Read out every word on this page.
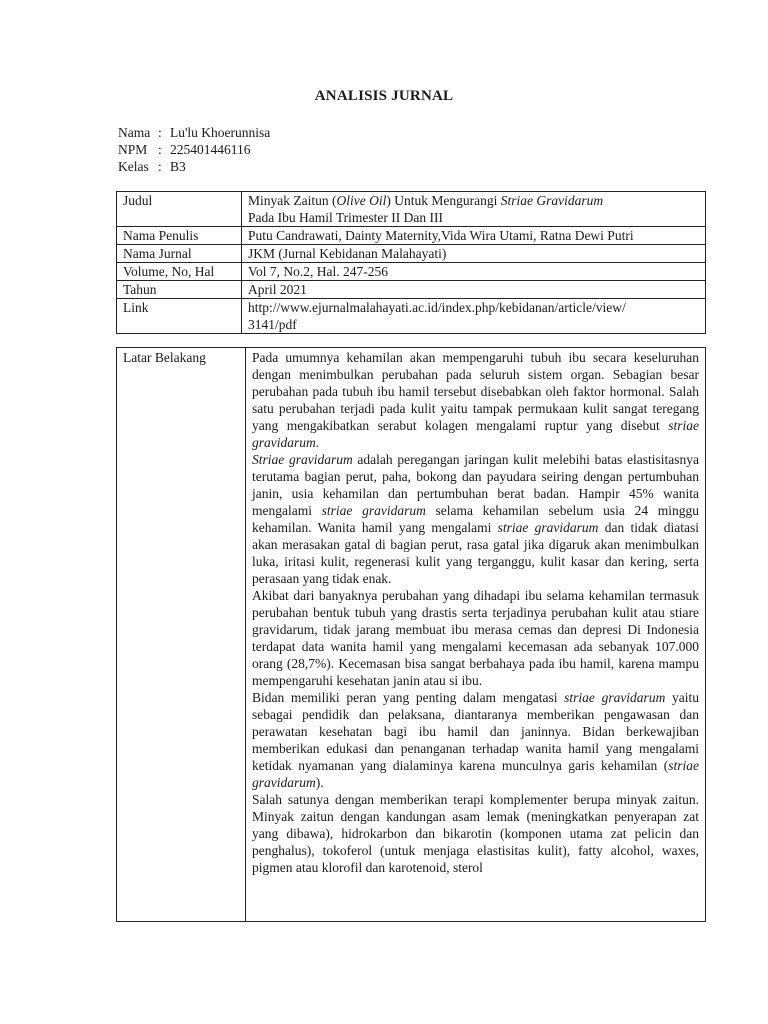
ANALISIS JURNAL
Nama : Lu'lu Khoerunnisa
NPM : 225401446116
Kelas : B3
Judul	Minyak Zaitun (Olive Oil) Untuk Mengurangi Striae Gravidarum
Pada Ibu Hamil Trimester II Dan III
Nama Penulis	Putu Candrawati, Dainty Maternity,Vida Wira Utami, Ratna Dewi Putri
Nama Jurnal	JKM (Jurnal Kebidanan Malahayati)
Volume, No, Hal	Vol 7, No.2, Hal. 247-256
Tahun	April 2021
Link	http://www.ejurnalmalahayati.ac.id/index.php/kebidanan/article/view/
3141/pdf
Latar Belakang	Pada umumnya kehamilan akan mempengaruhi tubuh ibu secara keseluruhan dengan menimbulkan perubahan pada seluruh sistem organ. Sebagian besar perubahan pada tubuh ibu hamil tersebut disebabkan oleh faktor hormonal. Salah satu perubahan terjadi pada kulit yaitu tampak permukaan kulit sangat teregang yang mengakibatkan serabut kolagen mengalami ruptur yang disebut striae gravidarum.

Striae gravidarum adalah peregangan jaringan kulit melebihi batas elastisitasnya terutama bagian perut, paha, bokong dan payudara seiring dengan pertumbuhan janin, usia kehamilan dan pertumbuhan berat badan. Hampir 45% wanita mengalami striae gravidarum selama kehamilan sebelum usia 24 minggu kehamilan. Wanita hamil yang mengalami striae gravidarum dan tidak diatasi akan merasakan gatal di bagian perut, rasa gatal jika digaruk akan menimbulkan luka, iritasi kulit, regenerasi kulit yang terganggu, kulit kasar dan kering, serta perasaan yang tidak enak.

Akibat dari banyaknya perubahan yang dihadapi ibu selama kehamilan termasuk perubahan bentuk tubuh yang drastis serta terjadinya perubahan kulit atau stiare gravidarum, tidak jarang membuat ibu merasa cemas dan depresi Di Indonesia terdapat data wanita hamil yang mengalami kecemasan ada sebanyak 107.000 orang (28,7%). Kecemasan bisa sangat berbahaya pada ibu hamil, karena mampu mempengaruhi kesehatan janin atau si ibu.

Bidan memiliki peran yang penting dalam mengatasi striae gravidarum yaitu sebagai pendidik dan pelaksana, diantaranya memberikan pengawasan dan perawatan kesehatan bagi ibu hamil dan janinnya. Bidan berkewajiban memberikan edukasi dan penanganan terhadap wanita hamil yang mengalami ketidak nyamanan yang dialaminya karena munculnya garis kehamilan (striae gravidarum).

Salah satunya dengan memberikan terapi komplementer berupa minyak zaitun. Minyak zaitun dengan kandungan asam lemak (meningkatkan penyerapan zat yang dibawa), hidrokarbon dan bikarotin (komponen utama zat pelicin dan penghalus), tokoferol (untuk menjaga elastisitas kulit), fatty alcohol, waxes, pigmen atau klorofil dan karotenoid, sterol
